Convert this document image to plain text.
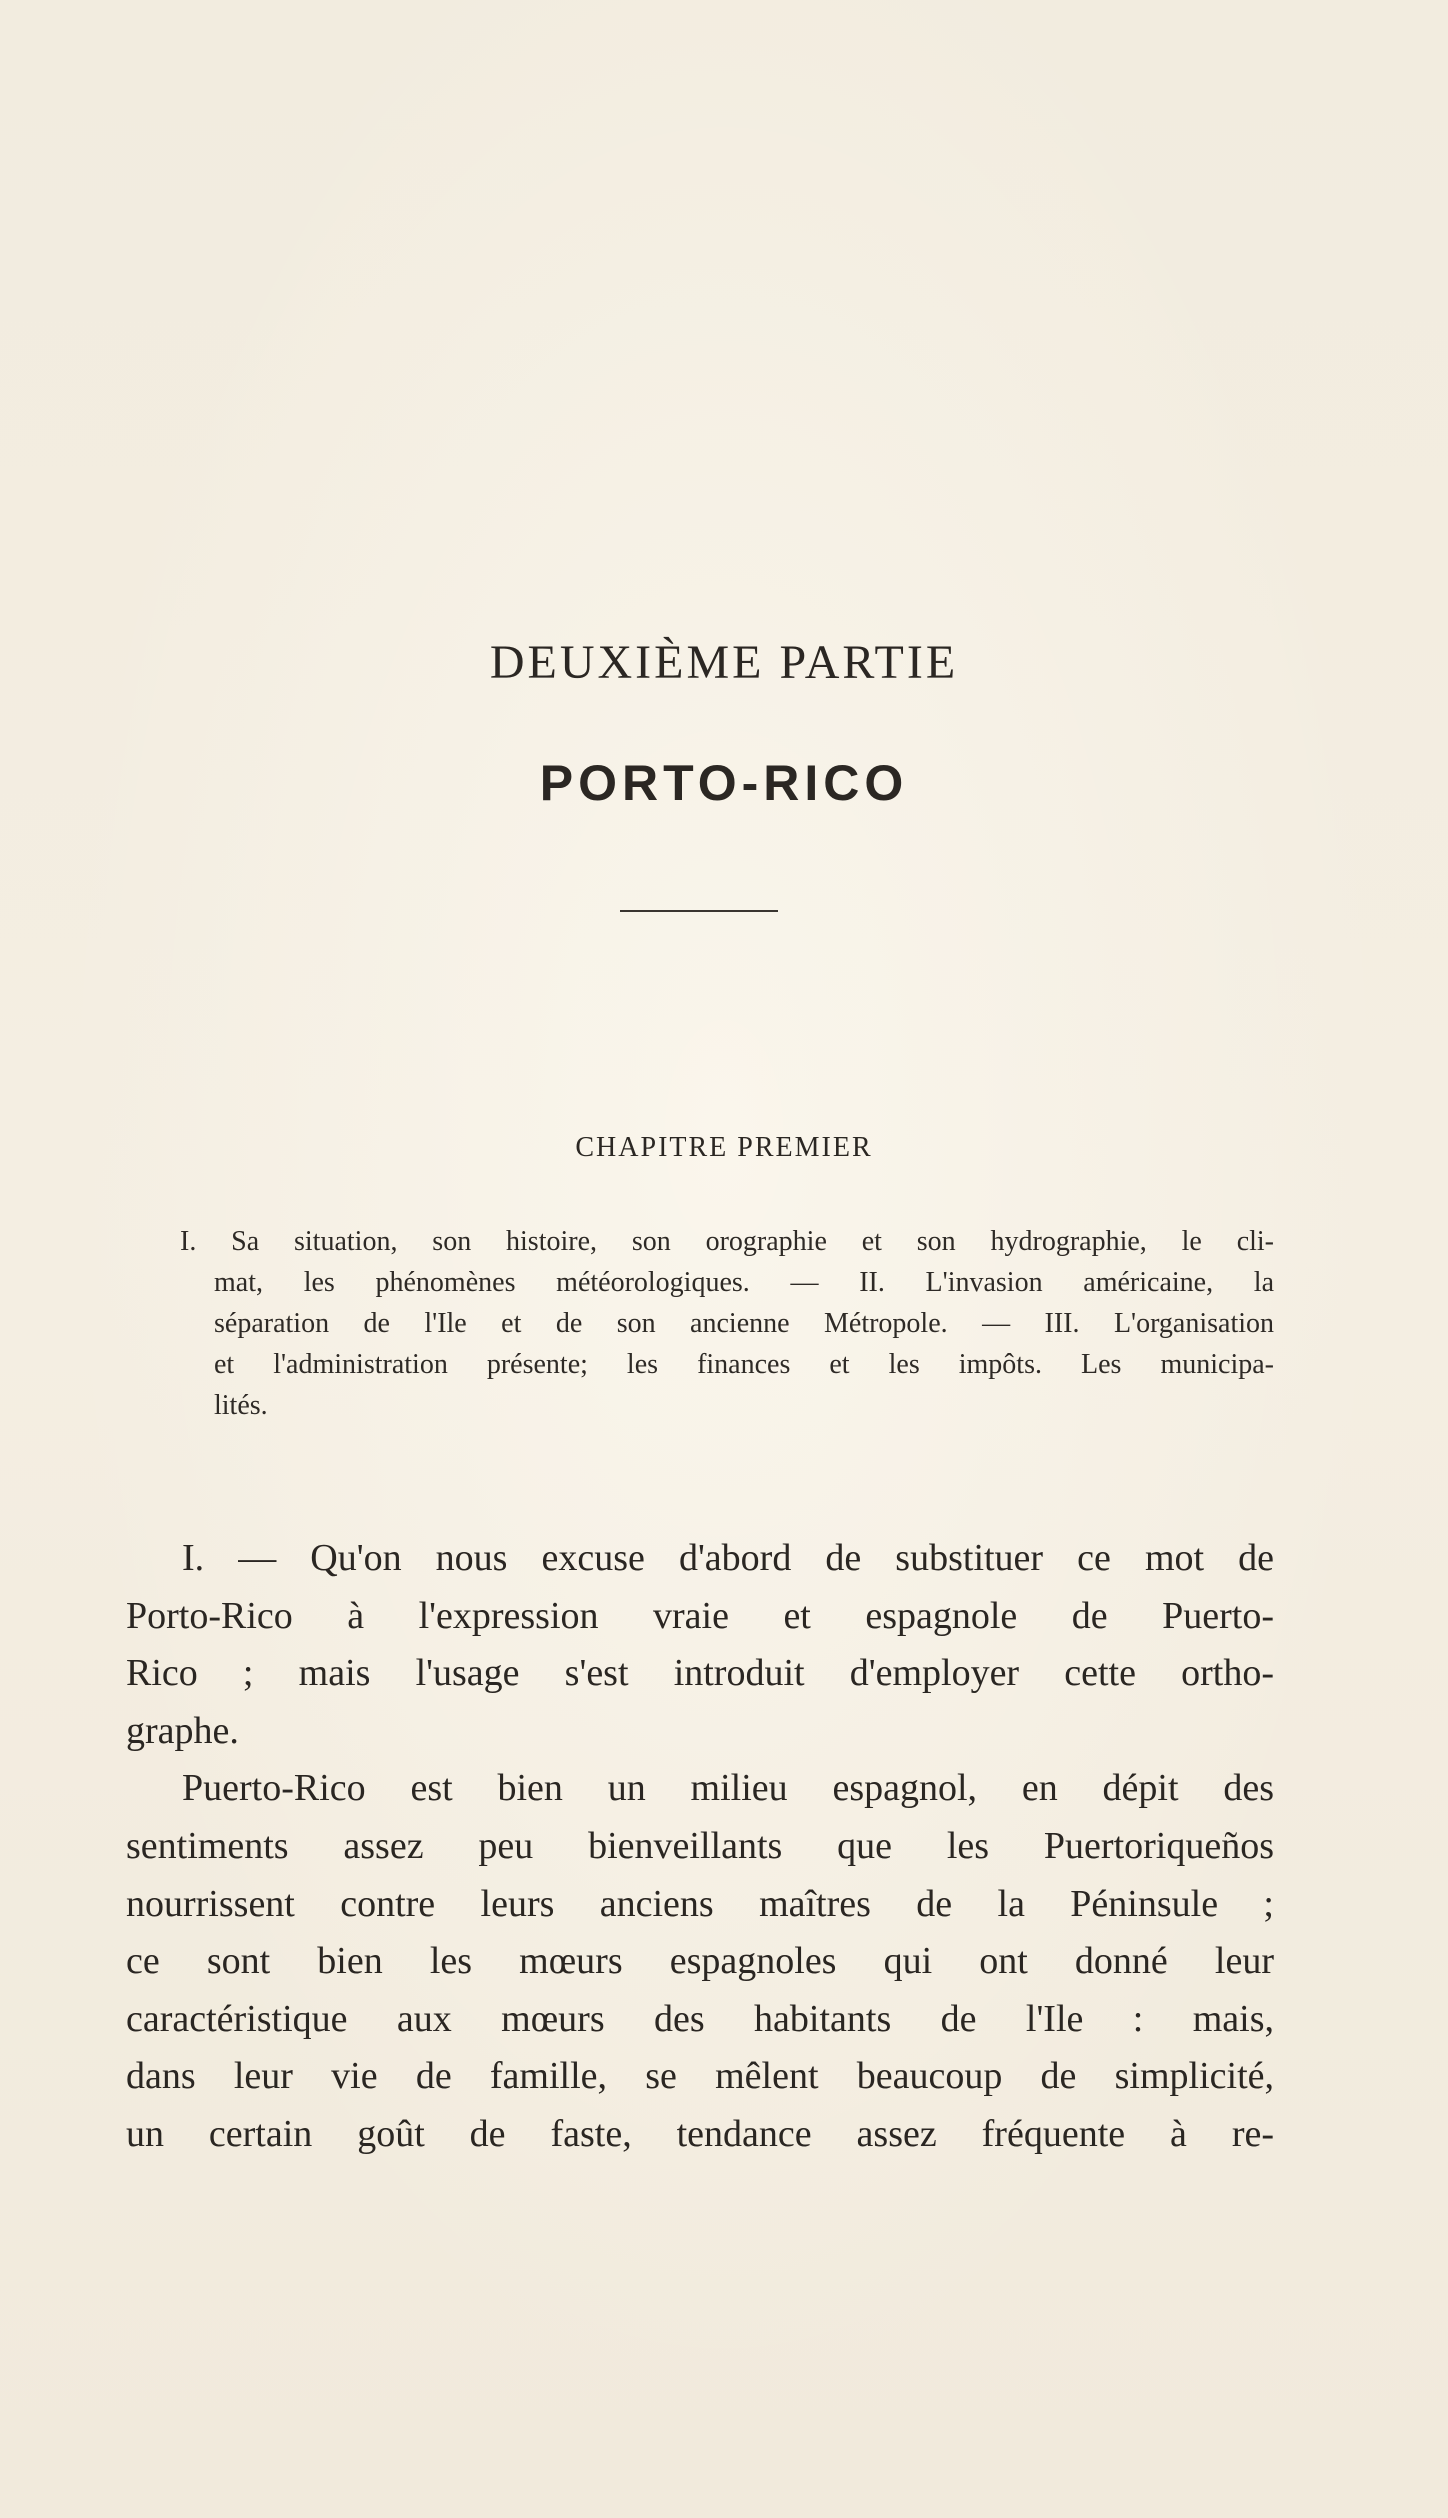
DEUXIÈME PARTIE
PORTO-RICO
CHAPITRE PREMIER
I. Sa situation, son histoire, son orographie et son hydrographie, le cli-
mat, les phénomènes météorologiques. — II. L'invasion américaine, la
séparation de l'Ile et de son ancienne Métropole. — III. L'organisation
et l'administration présente; les finances et les impôts. Les municipa-
lités.
I. — Qu'on nous excuse d'abord de substituer ce mot de
Porto-Rico à l'expression vraie et espagnole de Puerto-
Rico ; mais l'usage s'est introduit d'employer cette ortho-
graphe.
Puerto-Rico est bien un milieu espagnol, en dépit des
sentiments assez peu bienveillants que les Puertoriqueños
nourrissent contre leurs anciens maîtres de la Péninsule ;
ce sont bien les mœurs espagnoles qui ont donné leur
caractéristique aux mœurs des habitants de l'Ile : mais,
dans leur vie de famille, se mêlent beaucoup de simplicité,
un certain goût de faste, tendance assez fréquente à re-
